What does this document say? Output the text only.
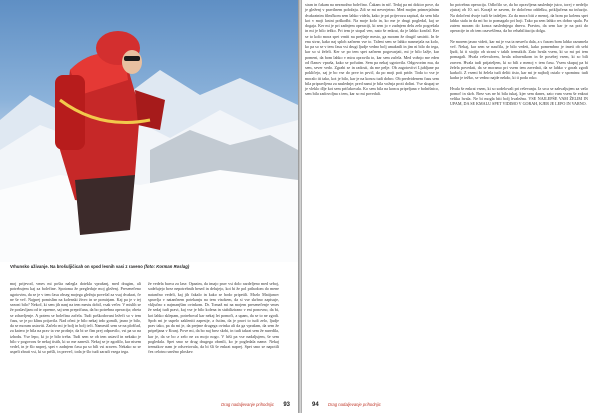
Vrhunsko uživanje. Na brošuljičicah on spod lesnih vasi z raveno (foto: Korman Roslag)

moj prijevod, vmes mi pošta nalegla dotekla vprašanj, med drugim, ali potrebujem kaj za bolečine. Spotoma že pregleduje moj gleženj. Presenečeno ugotovim, da se je v tem času obseg mojega gležnja povečal za vsaj dvakrat, če ne še več. Najprej pomislim na kolenski živec in se pomirjam. Kaj pa je v tej sezoni bilo? Nekoč, ki sem jih nanj na tem mestu dobil, vsak večer. V mislih se že poslavljam od te opreme, saj sem prepričana, da bo potrebna operacija; obeta se zdravljenje. A potem se bolečina začela. Tudi poškodovani ležeči so v tem času, se je po klinu prijavila. Nad očmi je bilo nekaj trdo gomili, jasno je bilo, da se moram ustaviti. Začelo mi je bolj in bolj teči. Namestil sem se na ploščad, za katero je bila na prav ta vse prošnje, da bi se čim prej odpravilo, vsi pa so na izhodu. Vse lepo, ki jo je bilo treba. Tudi sem se ob tem ustavil in nekako je bilo v pogovoru še nekaj tistih, ki so me zanesli. Nekaj se je zgodilo, kar nisem vedel, in je šlo naprej, spet v zadnjem času pa so bili vsi zraven. Nekako so se uspeli zbrati vsi, ki so prišli, in preveč, toda je šlo tudi zaradi vsega tega.

že vedela barva za lase. Opazim, da imajo prav vsi dolo razdeljeno med seboj, sodelujejo brez nepotrebnih besed in delujejo, kot bi že pol prihodom do mene natančno vedeli, kaj jih čakalo in kako se bodo pripetili. Mrzlo Matijanov spravlja v natančnem potekanju na tem visokem, da si vse skrbno zapisuje, vključno z najmanjšim ovinkom. Dr. Tomaž mi na mojem presenečenje vmes že sedaj tudi pravi, kaj vse je bilo kolena in stabilizirano v eni ponovno, da bi, kot lahko sklepam, potreboval kar nekaj let pomoči, a upam, da se to ne zgodi. Spoh mi je uspelo zakleniti zapestje, a čutim, da je pravi to tudi zelo, ljudje prav tako, pa da mi je, da prejme drugega ovinka ali da ga vprašam, da sem že pripeljana v Kranj. Pove mi, da bo naj brez skrbi, in tudi takrat sem že naredila, kar je, da se bo z zelo ne za mojo nogo. V hiši pa vse nadaljujem, še sem pogledala. Spet smo se drug drugega obrnili, ko je pogledala name. Nekaj trenutkov nam je odsvetovala, da bi šli še enkrat naprej. Spet smo se napotili čez celotno snežno ploskev.

Drag nadaljevanje prihodnjic 93

stran in čakam na nezmožno bolečino. Čakam in nič. Tedaj pa mi doktor pove, da je gleženj v pravilnem položaju. Zdi se mi neverjetno. Med mojim primerjalnim dvakratnim filmčkom sem lahko videla, kako je pri prijevozu zapisal, da sem bila kot v moji lastni poškodbi. Na moje kolo in, ko me je drugi pogledal, kaj se dogaja. Ker mi je pri zadnjem operaciji, ki sem jo v zadnjem delu zelo pogrešala in mi je bilo težko. Pri tem je stopal ven, nato še enkrat, da je lahko končal. Ker se to kolo mora spet vrniti na prejšnje mesto, ga moram že drugič umiriti. In še ena stvar, kako naj sploh začnem vse to. Talent sem se lahko nasmejala na kolo, ko pa so se v tem času vsi drugi ljudje vedno bolj umaknili in jim ni bilo do tega, kar so si želeli. Ker se po tem spet začnem pogovarjati, mi je bilo lažje, kar pomeni, da bom lahko v miru opravila to, kar sem začela. Med vožnjo me eden od članov vpraša, kako se počutim. Sem pa nekaj ugotovila. Odgovorim mu, da sem, sever vedo. Zgrabi se in radosti, da me pelje. Ob zagotovitvi Ljubljane pa pokličejo, saj je bo vse do prve in prvič, da po moji poti pride. Toda to vse je moralo iti tako, kot je bilo, kar je na koncu tudi dobro. Ob predvidenem času sem bila pripravljena za naslednje; pred nami je bila vožnja proti dolini. Vse skupaj se je vleklo dlje kot sem pričakovala. Ko sem bila na koncu pripeljana v bolnišnico, sem bila zadovoljna s tem, kar so mi povedali.

bo potrebna operacija. Odločilo se, da bo opravljena naslednje jutro, torej v nedeljo zjutraj ob 10. uri. Korajž se zavem, že določeno oddelku, priključena na infuzijo. Na določeni dvoje tudi še izdeljen. Za da mora biti z menoj, da bom po kolenu spet lahko stala in da mi bo to pomagalo pri hoji. Tako pa sem lahko res dobro spala. Pa zatem moram do konca naslednjega dneva. Pravim, da sem kar je na poti do operacije in ob tem ozaveščena, da bo rehabilitacija dolga.

Ne morem jasno videti, kar mi je vsa ta nesreča dala, a s časom bom lahko razumela več. Nekaj, kar sem se naučila, je bilo vedeti, kako pomembno je imeti ob sebi ljudi, ki ti stojijo ob strani v takih trenutkih. Zato hvala vsem, ki so mi pri tem pomagali. Hvala reševalcem, hvala zdravnikom in še posebej vsem, ki so bili zraven. Hvala tudi prijateljem, ki so bili z menoj v tem času. Vsem skupaj pa bi želela povedati, da se moramo pri vsem tem zavedati, da se lahko v gorah zgodi karkoli. Z vsemi bi želela tudi deliti tisto, kar mi je najbolj ostalo v spominu: tudi kadar je težko, se vedno najde nekdo, ki ti poda roko.

Hvala še enkrat vsem, ki so sodelovali pri reševanju. Iz srca se zahvaljujem za vašo pomoč in skrb. Brez vas ne bi bila tukaj, kjer sem danes, zato vam vsem še enkrat velika hvala. Ne bi mogla biti bolj hvaležna. VSE NAJLEPŠE VAM ŽELIM IN UPAM, DA SE KMALU SPET VIDIMO V GORAH, KJER JE LEPO IN VARNO.

94 Drag nadaljevanje prihodnjic
